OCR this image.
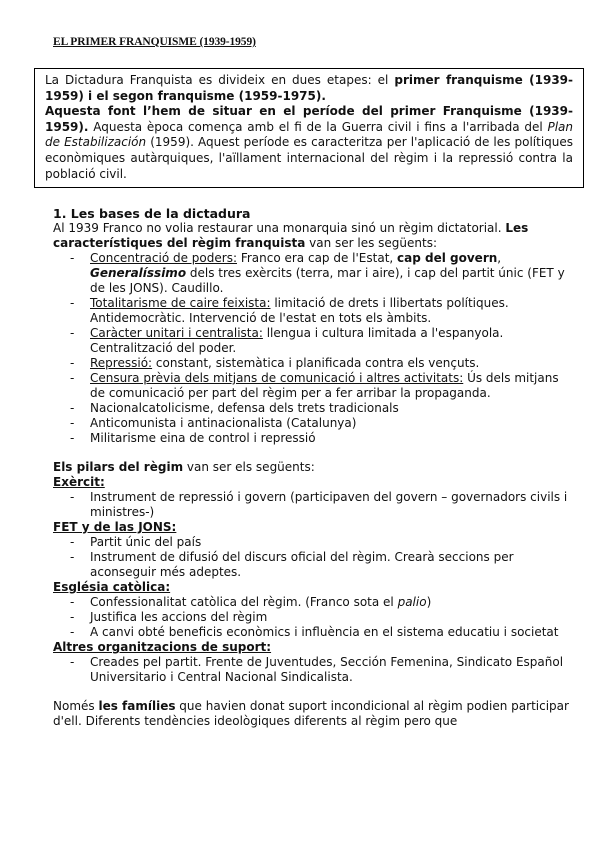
EL PRIMER FRANQUISME (1939-1959)

La Dictadura Franquista es divideix en dues etapes: el primer franquisme (1939-1959) i el segon franquisme (1959-1975).

Aquesta font l’hem de situar en el període del primer Franquisme (1939-1959). Aquesta època comença amb el fi de la Guerra civil i fins a l'arribada del Plan de Estabilización (1959). Aquest període es caracteritza per l'aplicació de les polítiques econòmiques autàrquiques, l'aïllament internacional del règim i la repressió contra la població civil.

1. Les bases de la dictadura

Al 1939 Franco no volia restaurar una monarquia sinó un règim dictatorial. Les característiques del règim franquista van ser les següents:

- Concentració de poders: Franco era cap de l'Estat, cap del govern, Generalíssimo dels tres exèrcits (terra, mar i aire), i cap del partit únic (FET y de les JONS). Caudillo.
- Totalitarisme de caire feixista: limitació de drets i llibertats polítiques. Antidemocràtic. Intervenció de l'estat en tots els àmbits.
- Caràcter unitari i centralista: llengua i cultura limitada a l'espanyola. Centralització del poder.
- Repressió: constant, sistemàtica i planificada contra els vençuts.
- Censura prèvia dels mitjans de comunicació i altres activitats: Ús dels mitjans de comunicació per part del règim per a fer arribar la propaganda.
- Nacionalcatolicisme, defensa dels trets tradicionals
- Anticomunista i antinacionalista (Catalunya)
- Militarisme eina de control i repressió

Els pilars del règim van ser els següents:

Exèrcit:

- Instrument de repressió i govern (participaven del govern – governadors civils i ministres-)

FET y de las JONS:

- Partit únic del país
- Instrument de difusió del discurs oficial del règim. Crearà seccions per aconseguir més adeptes.

Església catòlica:

- Confessionalitat catòlica del règim. (Franco sota el palio)
- Justifica les accions del règim
- A canvi obté beneficis econòmics i influència en el sistema educatiu i societat

Altres organitzacions de suport:

- Creades pel partit. Frente de Juventudes, Sección Femenina, Sindicato Español Universitario i Central Nacional Sindicalista.

Només les famílies que havien donat suport incondicional al règim podien participar d'ell. Diferents tendències ideològiques diferents al règim pero que
